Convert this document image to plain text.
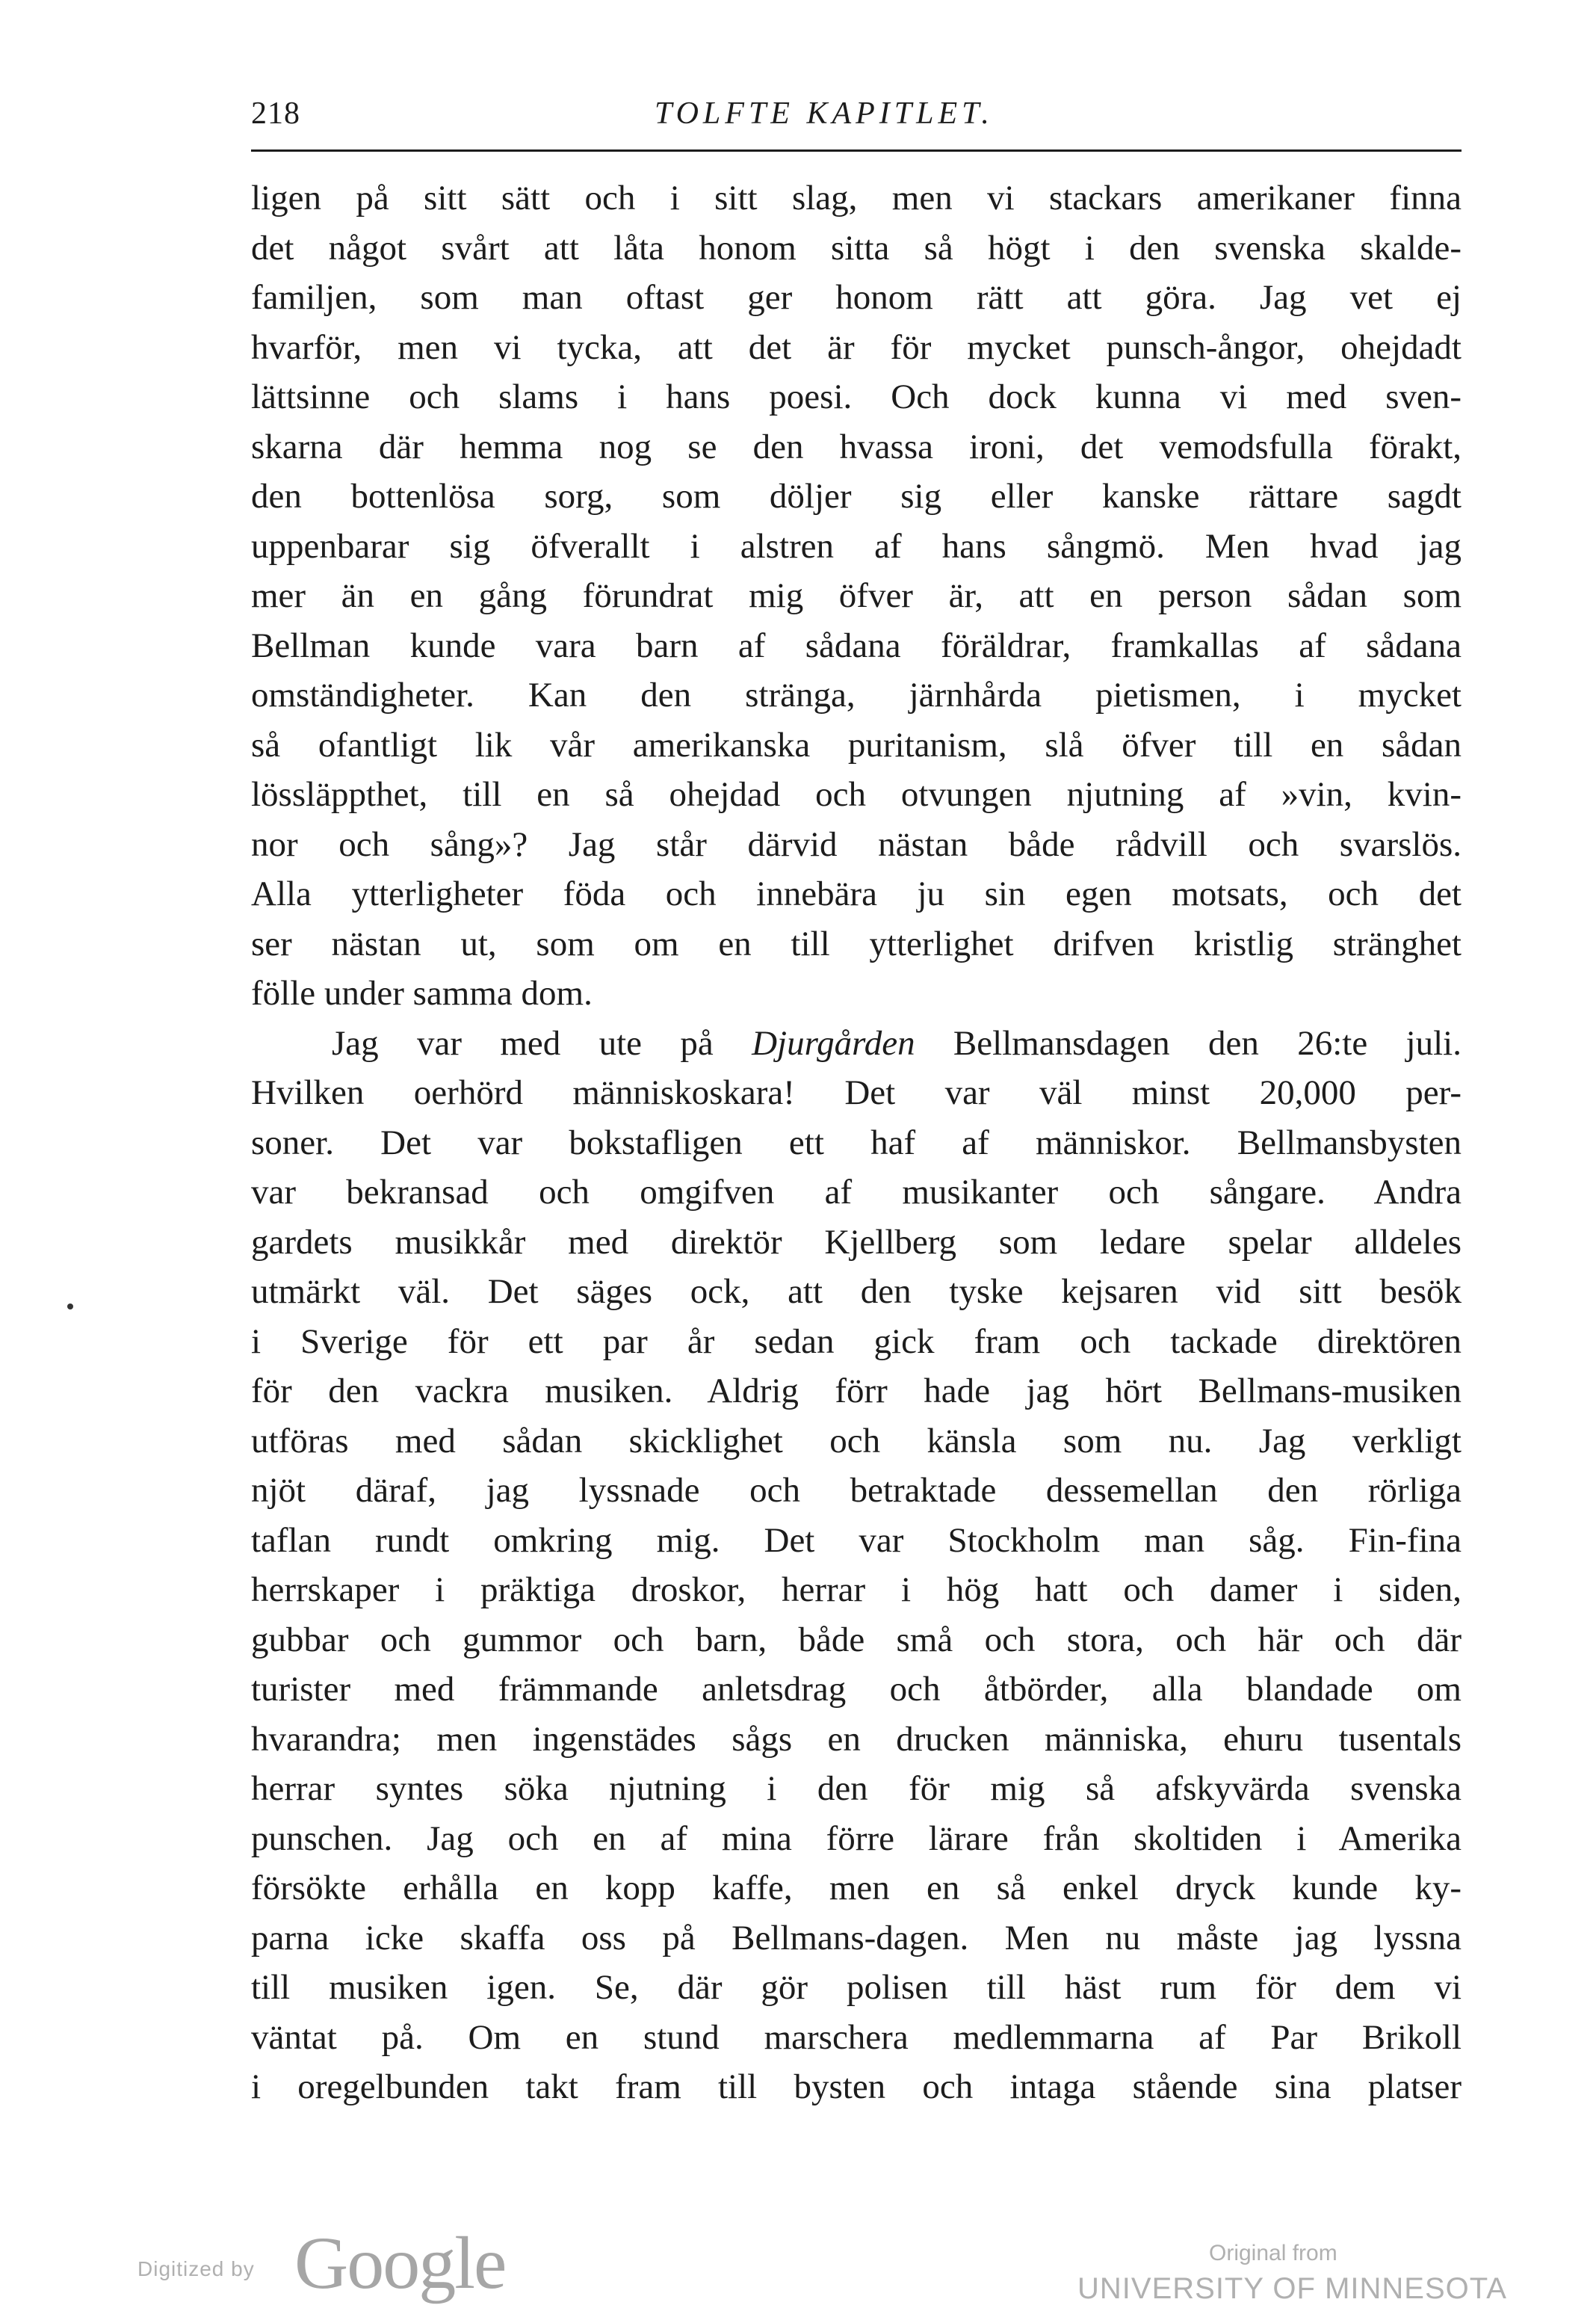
218	TOLFTE KAPITLET.
ligen på sitt sätt och i sitt slag, men vi stackars amerikaner finna
det något svårt att låta honom sitta så högt i den svenska skalde-
familjen, som man oftast ger honom rätt att göra. Jag vet ej
hvarför, men vi tycka, att det är för mycket punsch-ångor, ohejdadt
lättsinne och slams i hans poesi. Och dock kunna vi med sven-
skarna där hemma nog se den hvassa ironi, det vemodsfulla förakt,
den bottenlösa sorg, som döljer sig eller kanske rättare sagdt
uppenbarar sig öfverallt i alstren af hans sångmö. Men hvad jag
mer än en gång förundrat mig öfver är, att en person sådan som
Bellman kunde vara barn af sådana föräldrar, framkallas af sådana
omständigheter. Kan den stränga, järnhårda pietismen, i mycket
så ofantligt lik vår amerikanska puritanism, slå öfver till en sådan
lössläppthet, till en så ohejdad och otvungen njutning af »vin, kvin-
nor och sång»? Jag står därvid nästan både rådvill och svarslös.
Alla ytterligheter föda och innebära ju sin egen motsats, och det
ser nästan ut, som om en till ytterlighet drifven kristlig stränghet
fölle under samma dom.
Jag var med ute på Djurgården Bellmansdagen den 26:te juli.
Hvilken oerhörd människoskara! Det var väl minst 20,000 per-
soner. Det var bokstafligen ett haf af människor. Bellmansbysten
var bekransad och omgifven af musikanter och sångare. Andra
gardets musikkår med direktör Kjellberg som ledare spelar alldeles
utmärkt väl. Det säges ock, att den tyske kejsaren vid sitt besök
i Sverige för ett par år sedan gick fram och tackade direktören
för den vackra musiken. Aldrig förr hade jag hört Bellmans-musiken
utföras med sådan skicklighet och känsla som nu. Jag verkligt
njöt däraf, jag lyssnade och betraktade dessemellan den rörliga
taflan rundt omkring mig. Det var Stockholm man såg. Fin-fina
herrskaper i präktiga droskor, herrar i hög hatt och damer i siden,
gubbar och gummor och barn, både små och stora, och här och där
turister med främmande anletsdrag och åtbörder, alla blandade om
hvarandra; men ingenstädes sågs en drucken människa, ehuru tusentals
herrar syntes söka njutning i den för mig så afskyvärda svenska
punschen. Jag och en af mina förre lärare från skoltiden i Amerika
försökte erhålla en kopp kaffe, men en så enkel dryck kunde ky-
parna icke skaffa oss på Bellmans-dagen. Men nu måste jag lyssna
till musiken igen. Se, där gör polisen till häst rum för dem vi
väntat på. Om en stund marschera medlemmarna af Par Brikoll
i oregelbunden takt fram till bysten och intaga stående sina platser
Digitized by Google	Original from
UNIVERSITY OF MINNESOTA
